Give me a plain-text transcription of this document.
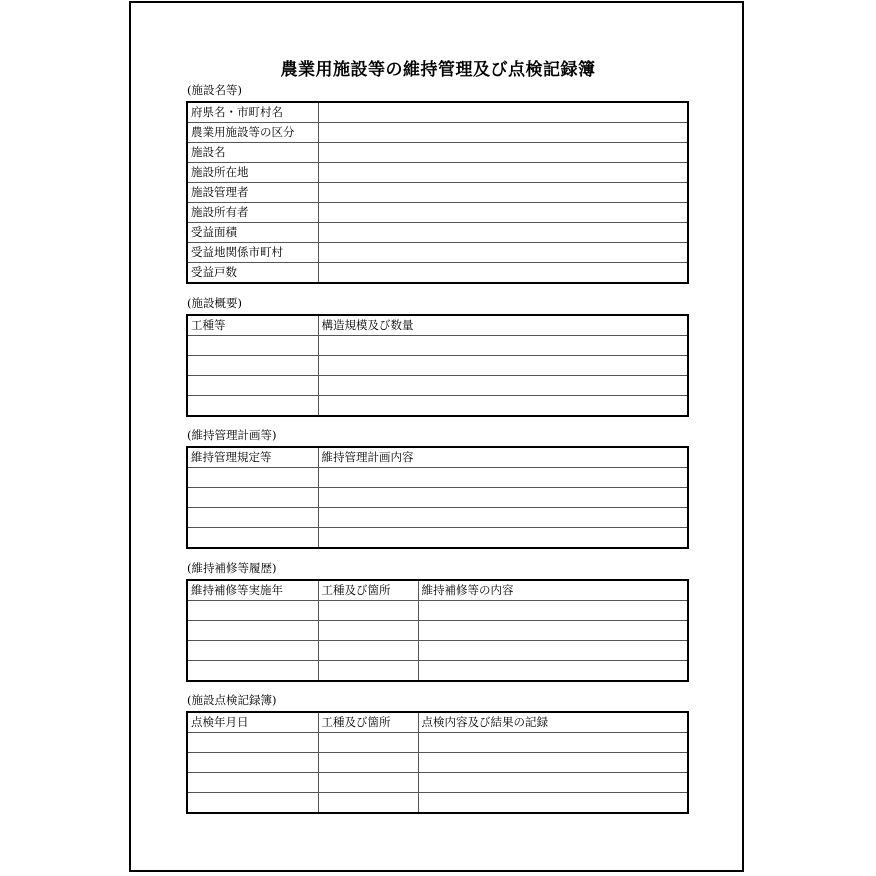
農業用施設等の維持管理及び点検記録簿
(施設名等)
府県名・市町村名	
農業用施設等の区分	
施設名	
施設所在地	
施設管理者	
施設所有者	
受益面積	
受益地関係市町村	
受益戸数	
(施設概要)
工種等	構造規模及び数量

(維持管理計画等)
維持管理規定等	維持管理計画内容

(維持補修等履歴)
維持補修等実施年	工種及び箇所	維持補修等の内容

(施設点検記録簿)
点検年月日	工種及び箇所	点検内容及び結果の記録
